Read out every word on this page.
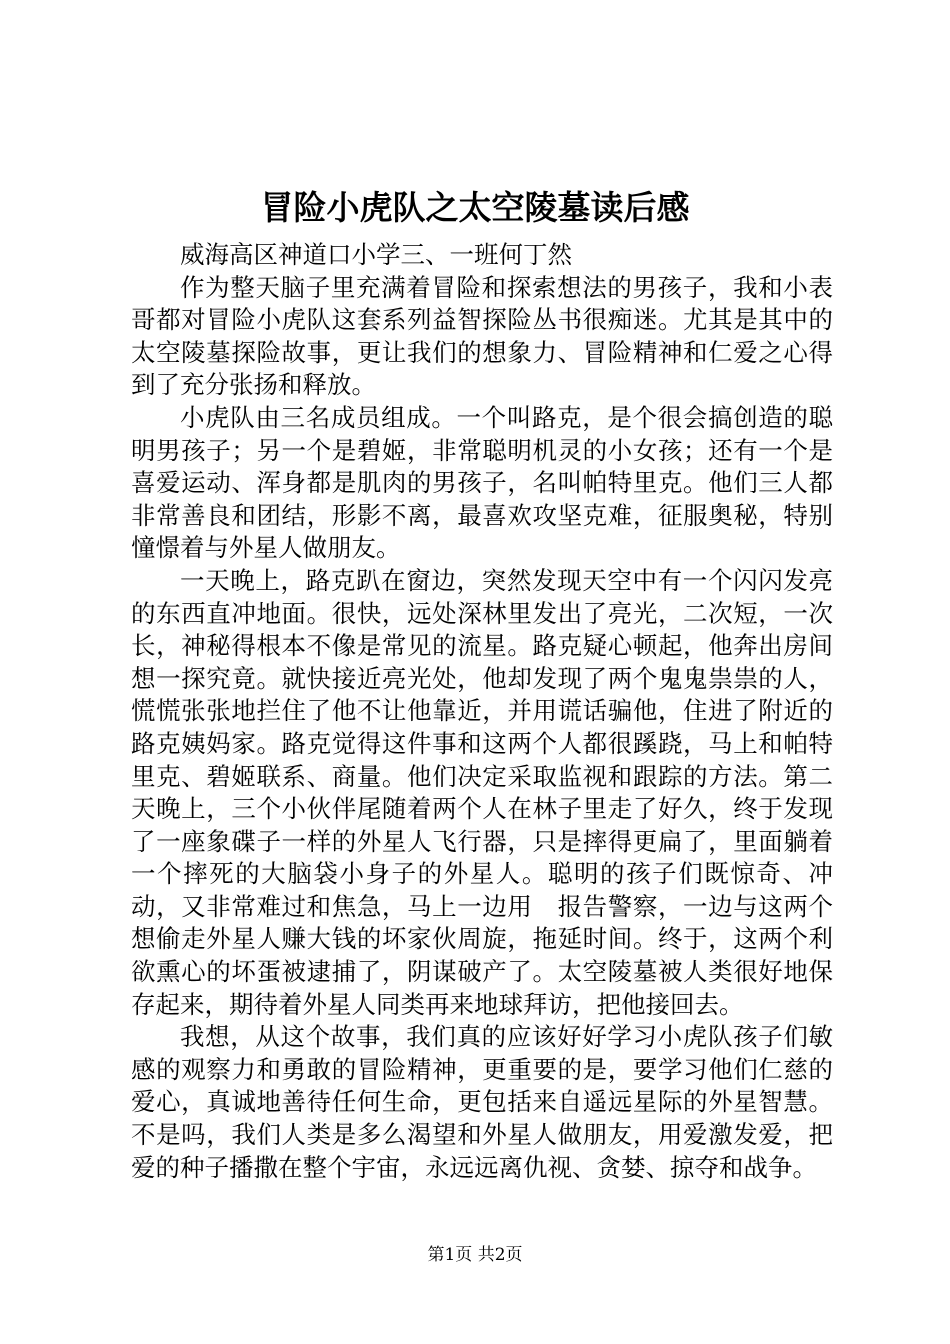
冒险小虎队之太空陵墓读后感

威海高区神道口小学三、一班何丁然

作为整天脑子里充满着冒险和探索想法的男孩子，我和小表哥都对冒险小虎队这套系列益智探险丛书很痴迷。尤其是其中的太空陵墓探险故事，更让我们的想象力、冒险精神和仁爱之心得到了充分张扬和释放。

小虎队由三名成员组成。一个叫路克，是个很会搞创造的聪明男孩子；另一个是碧姬，非常聪明机灵的小女孩；还有一个是喜爱运动、浑身都是肌肉的男孩子，名叫帕特里克。他们三人都非常善良和团结，形影不离，最喜欢攻坚克难，征服奥秘，特别憧憬着与外星人做朋友。

一天晚上，路克趴在窗边，突然发现天空中有一个闪闪发亮的东西直冲地面。很快，远处深林里发出了亮光，二次短，一次长，神秘得根本不像是常见的流星。路克疑心顿起，他奔出房间想一探究竟。就快接近亮光处，他却发现了两个鬼鬼祟祟的人，慌慌张张地拦住了他不让他靠近，并用谎话骗他，住进了附近的路克姨妈家。路克觉得这件事和这两个人都很蹊跷，马上和帕特里克、碧姬联系、商量。他们决定采取监视和跟踪的方法。第二天晚上，三个小伙伴尾随着两个人在林子里走了好久，终于发现了一座象碟子一样的外星人飞行器，只是摔得更扁了，里面躺着一个摔死的大脑袋小身子的外星人。聪明的孩子们既惊奇、冲动，又非常难过和焦急，马上一边用　报告警察，一边与这两个想偷走外星人赚大钱的坏家伙周旋，拖延时间。终于，这两个利欲熏心的坏蛋被逮捕了，阴谋破产了。太空陵墓被人类很好地保存起来，期待着外星人同类再来地球拜访，把他接回去。

我想，从这个故事，我们真的应该好好学习小虎队孩子们敏感的观察力和勇敢的冒险精神，更重要的是，要学习他们仁慈的爱心，真诚地善待任何生命，更包括来自遥远星际的外星智慧。不是吗，我们人类是多么渴望和外星人做朋友，用爱激发爱，把爱的种子播撒在整个宇宙，永远远离仇视、贪婪、掠夺和战争。

第1页 共2页
